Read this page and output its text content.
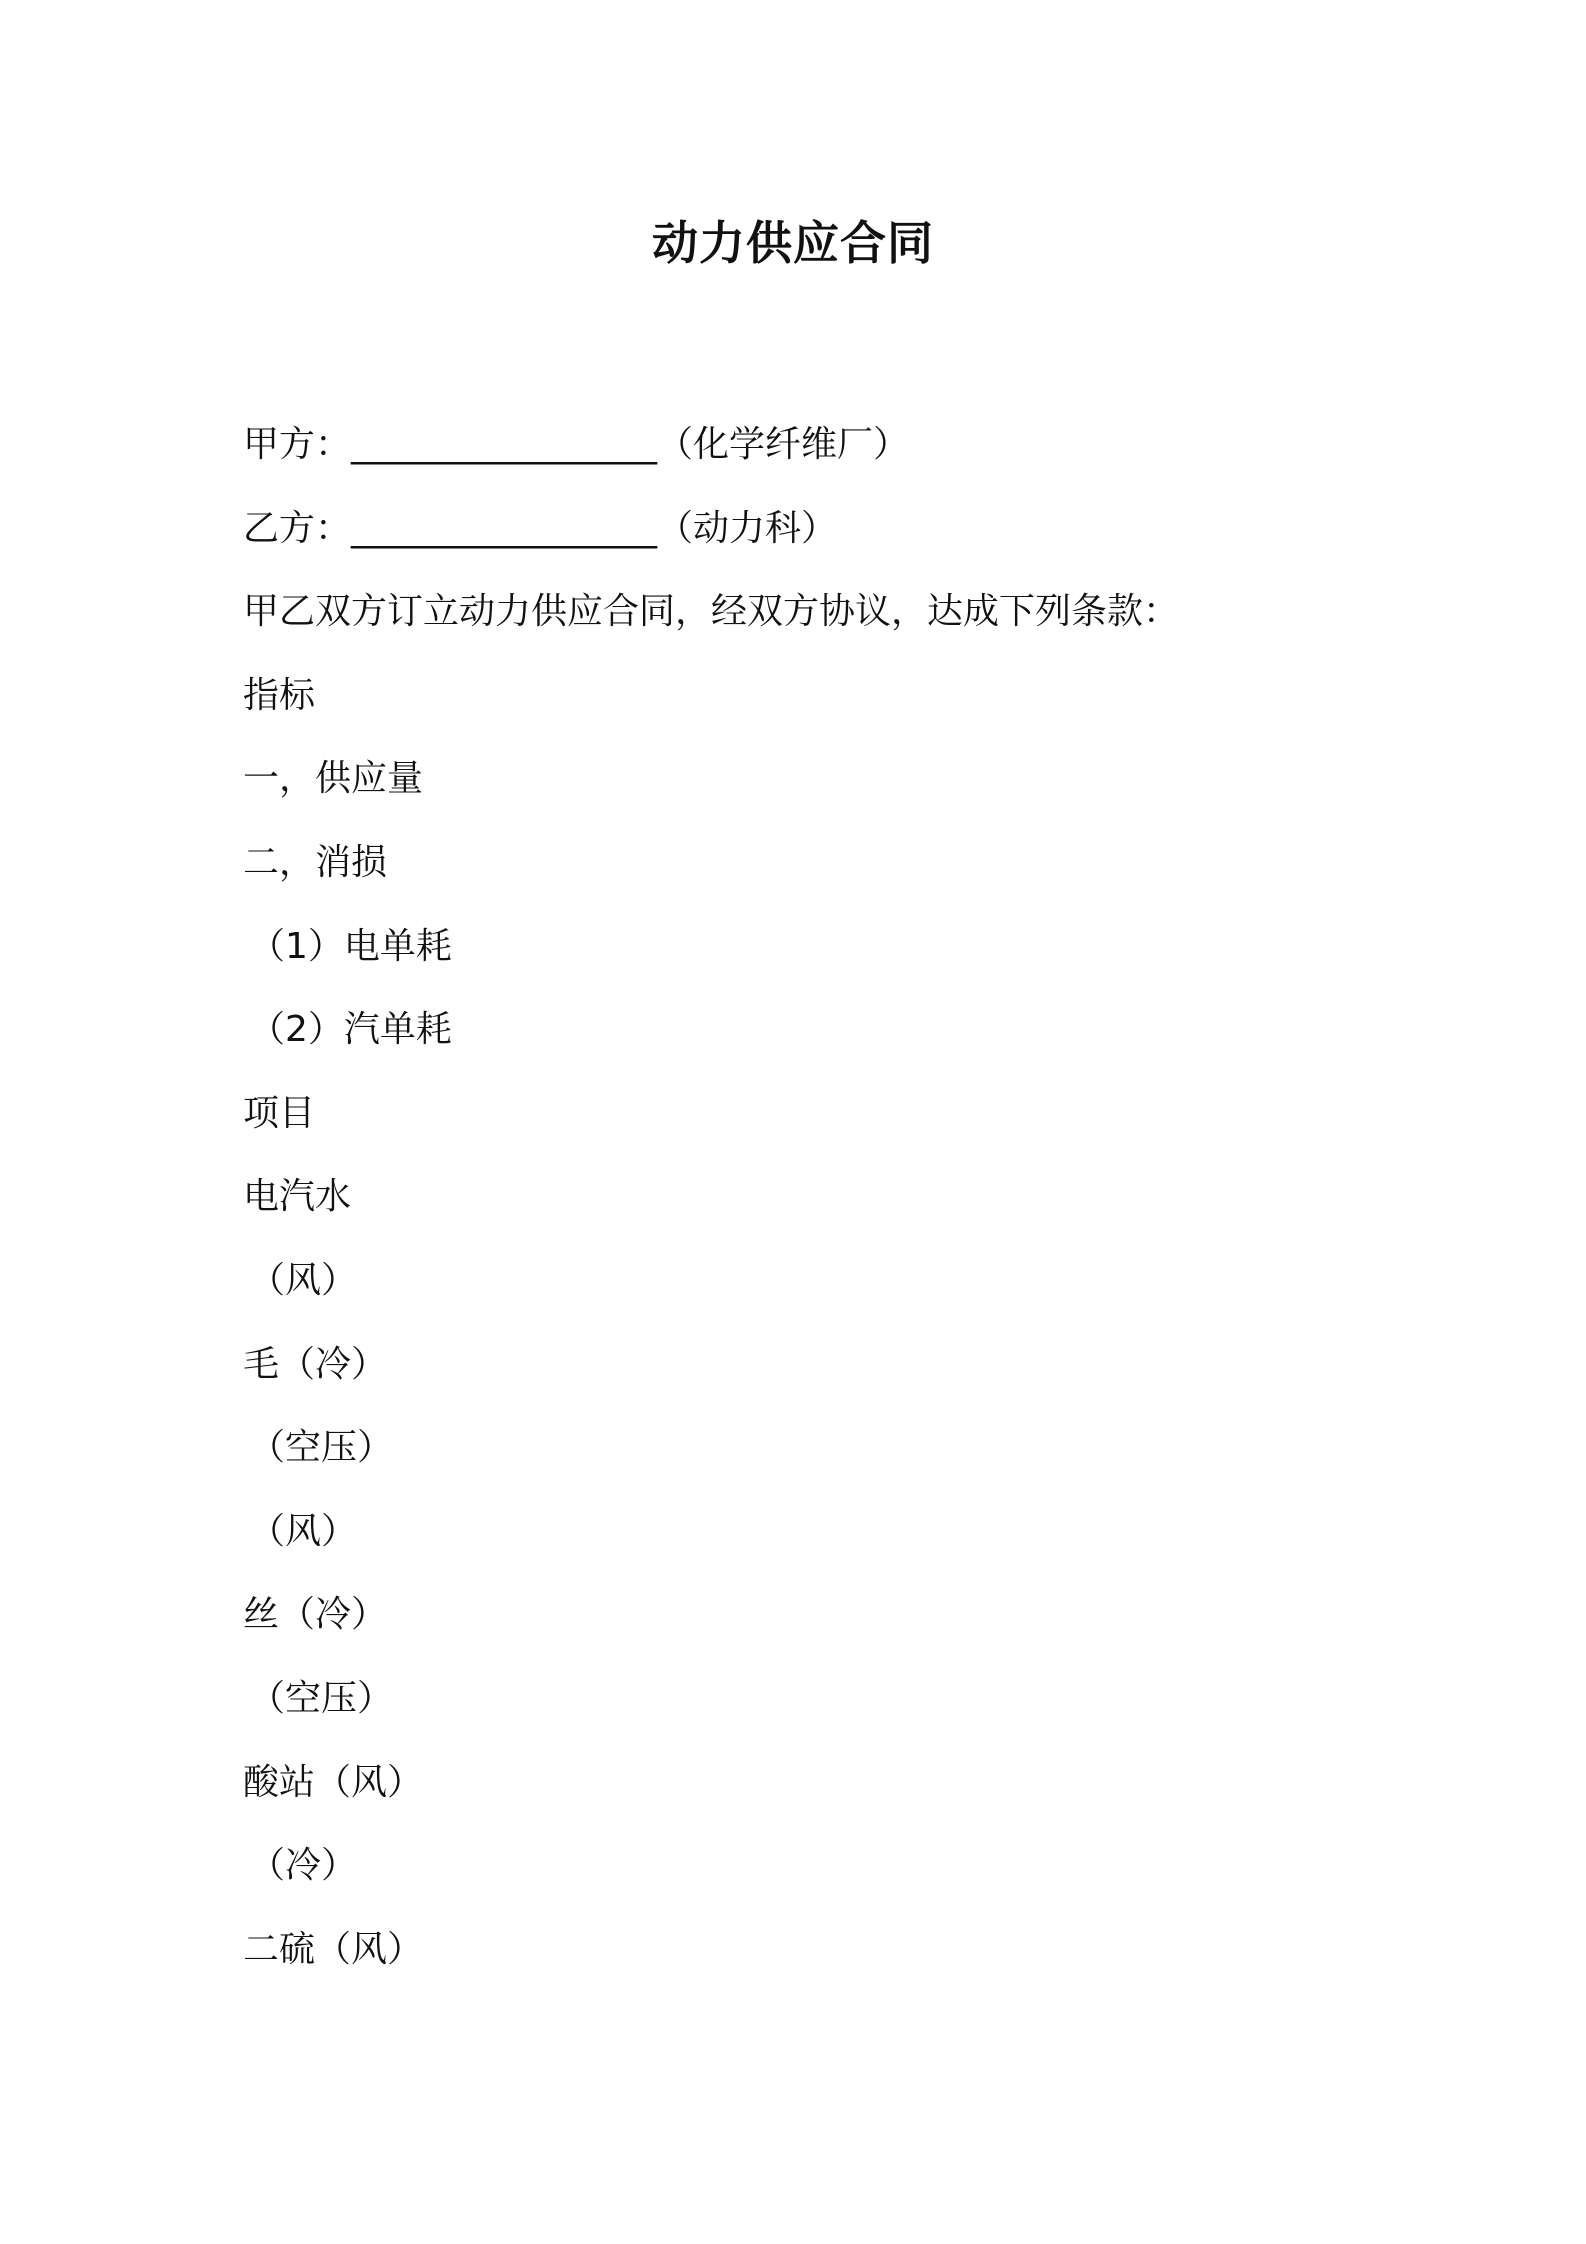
动力供应合同
甲方：_________________（化学纤维厂）
乙方：_________________（动力科）
甲乙双方订立动力供应合同，经双方协议，达成下列条款：
指标
一，供应量
二，消损
（1）电单耗
（2）汽单耗
项目
电汽水
（风）
毛（冷）
（空压）
（风）
丝（冷）
（空压）
酸站（风）
（冷）
二硫（风）
